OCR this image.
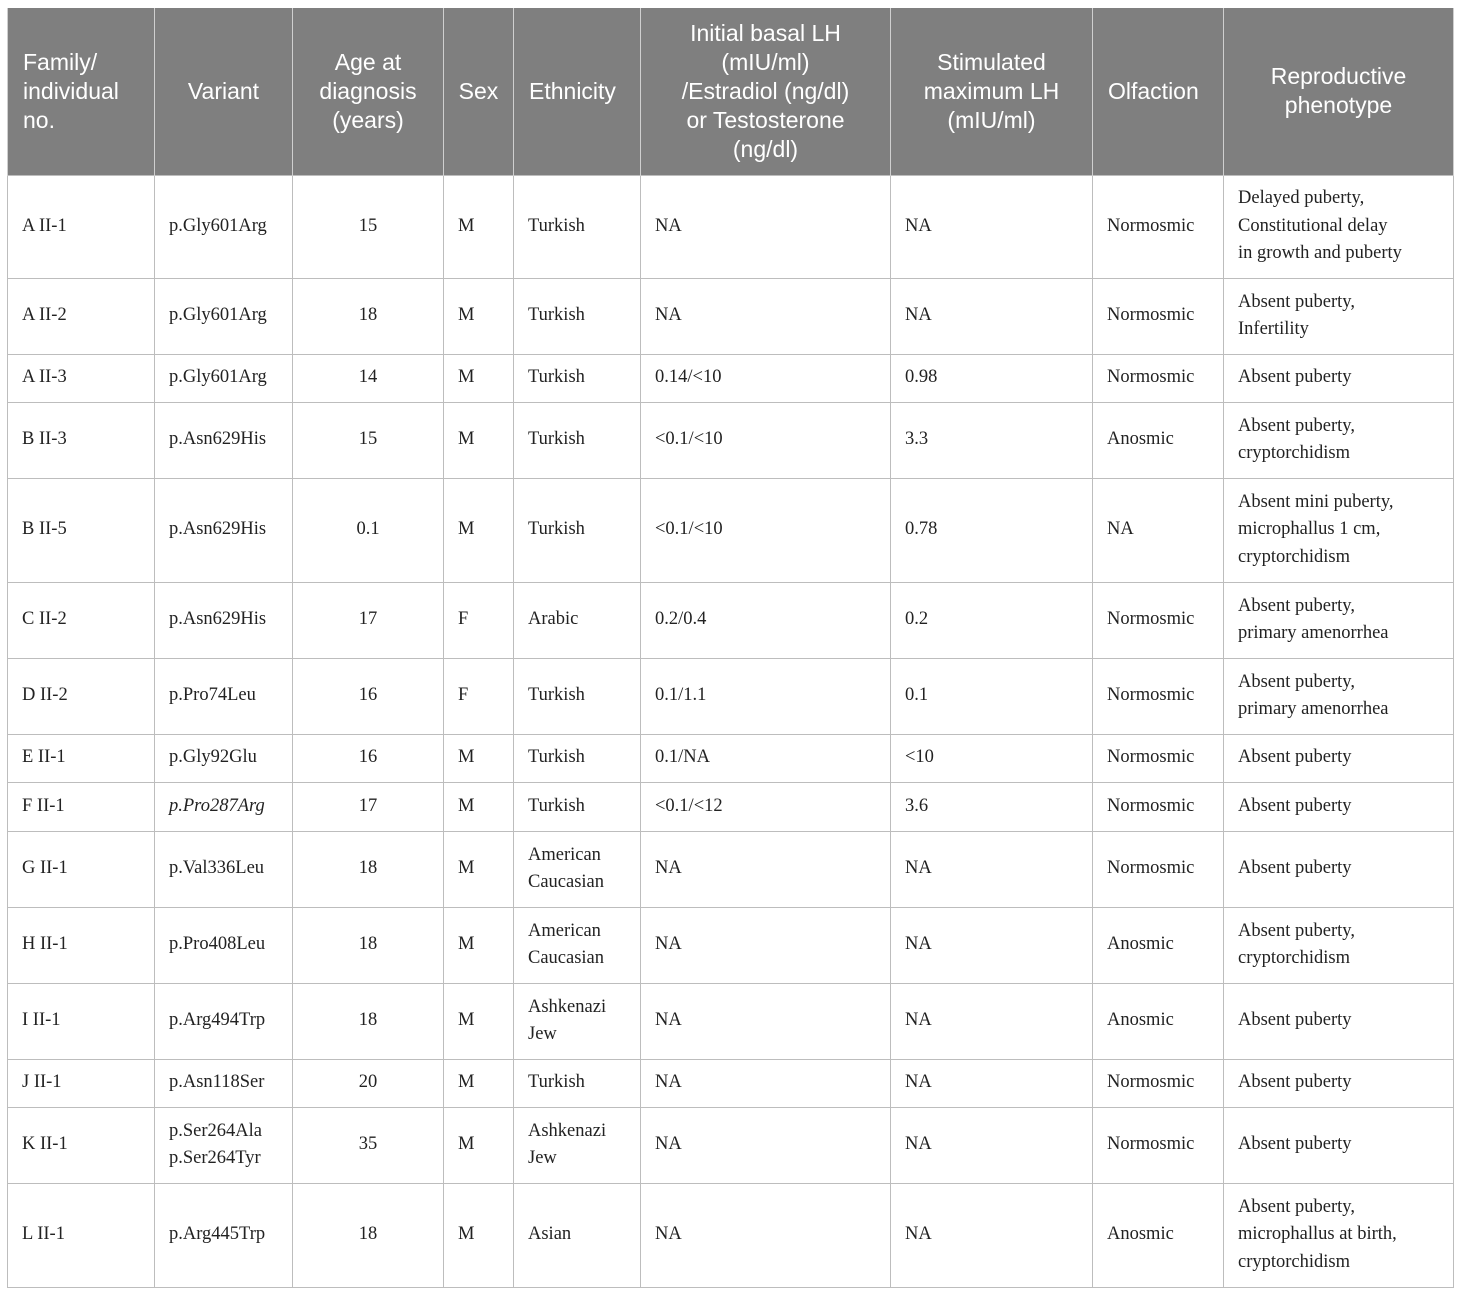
Family/
individual
no.	Variant	Age at
diagnosis
(years)	Sex	Ethnicity	Initial basal LH
(mIU/ml)
/Estradiol (ng/dl)
or Testosterone
(ng/dl)	Stimulated
maximum LH
(mIU/ml)	Olfaction	Reproductive
phenotype

A II-1	p.Gly601Arg	15	M	Turkish	NA	NA	Normosmic	Delayed puberty,
Constitutional delay
in growth and puberty

A II-2	p.Gly601Arg	18	M	Turkish	NA	NA	Normosmic	Absent puberty,
Infertility

A II-3	p.Gly601Arg	14	M	Turkish	0.14/<10	0.98	Normosmic	Absent puberty

B II-3	p.Asn629His	15	M	Turkish	<0.1/<10	3.3	Anosmic	Absent puberty,
cryptorchidism

B II-5	p.Asn629His	0.1	M	Turkish	<0.1/<10	0.78	NA	Absent mini puberty,
microphallus 1 cm,
cryptorchidism

C II-2	p.Asn629His	17	F	Arabic	0.2/0.4	0.2	Normosmic	Absent puberty,
primary amenorrhea

D II-2	p.Pro74Leu	16	F	Turkish	0.1/1.1	0.1	Normosmic	Absent puberty,
primary amenorrhea

E II-1	p.Gly92Glu	16	M	Turkish	0.1/NA	<10	Normosmic	Absent puberty

F II-1	p.Pro287Arg	17	M	Turkish	<0.1/<12	3.6	Normosmic	Absent puberty

G II-1	p.Val336Leu	18	M	American
Caucasian	NA	NA	Normosmic	Absent puberty

H II-1	p.Pro408Leu	18	M	American
Caucasian	NA	NA	Anosmic	Absent puberty,
cryptorchidism

I II-1	p.Arg494Trp	18	M	Ashkenazi
Jew	NA	NA	Anosmic	Absent puberty

J II-1	p.Asn118Ser	20	M	Turkish	NA	NA	Normosmic	Absent puberty

K II-1	p.Ser264Ala
p.Ser264Tyr	35	M	Ashkenazi
Jew	NA	NA	Normosmic	Absent puberty

L II-1	p.Arg445Trp	18	M	Asian	NA	NA	Anosmic	Absent puberty,
microphallus at birth,
cryptorchidism
